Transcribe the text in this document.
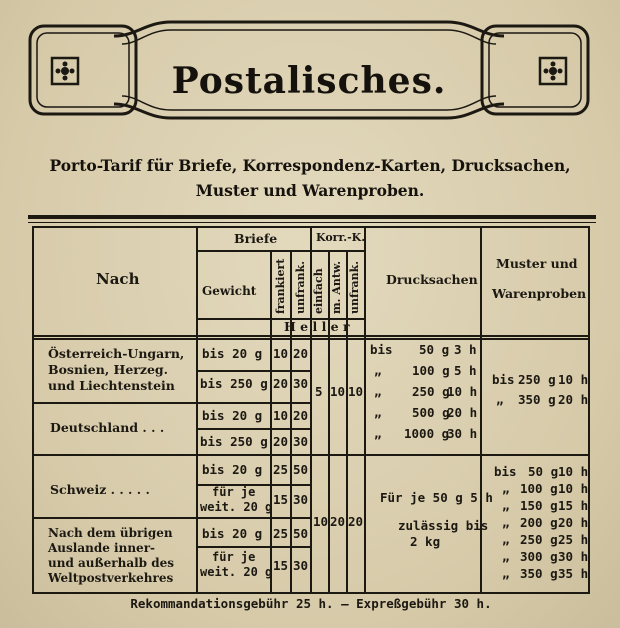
Postalisches.
Porto-Tarif für Briefe, Korrespondenz-Karten, Drucksachen,
Muster und Warenproben.
Nach
Briefe
Gewicht frankiert unfrank.
Korr.-K.
einfach m. Antw. unfrank. Drucksachen
Muster und
Warenproben
H e l l e r
Österreich-Ungarn,
Bosnien, Herzeg.
und Liechtenstein
Deutschland . . .
Schweiz . . . . .
Nach dem übrigen
Auslande inner-
und außerhalb des
Weltpostverkehres
bis 20 g 10 20
bis 250 g 20 30
bis 20 g 10 20
bis 250 g 20 30
bis 20 g 25 50
für je
weit. 20 g 15 30
bis 20 g 25 50
für je
weit. 20 g 15 30
5 10 10
10 20 20
bis 50 g 3 h
„ 100 g 5 h
„ 250 g
10 h
„ 500 g
20 h
„ 1000 g
30 h
Für je 50 g 5 h
zulässig bis
2 kg
bis 250 g 10 h
„ 350 g 20 h
bis 50 g 10 h
„ 100 g 10 h
„ 150 g 15 h
„ 200 g 20 h
„ 250 g 25 h
„ 300 g 30 h
„ 350 g 35 h
Rekommandationsgebühr 25 h. — Expreßgebühr 30 h.
